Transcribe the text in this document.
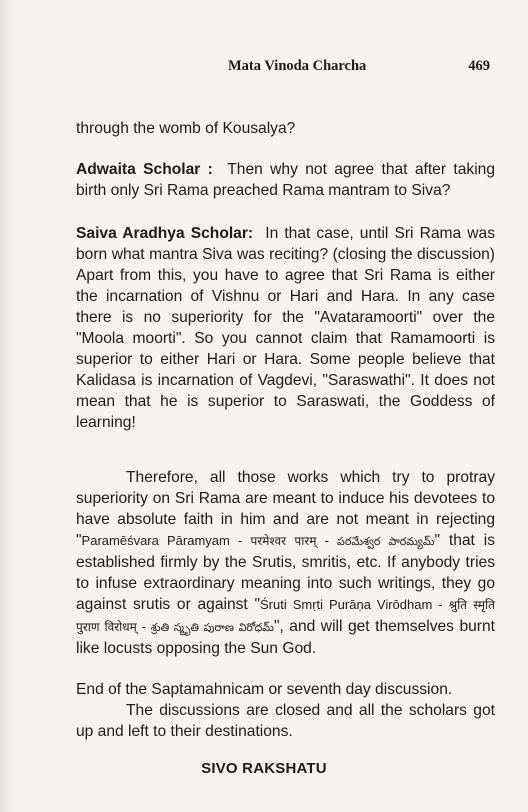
Mata Vinoda Charcha	469

through the womb of Kousalya?

Adwaita Scholar : Then why not agree that after taking birth only Sri Rama preached Rama mantram to Siva?

Saiva Aradhya Scholar: In that case, until Sri Rama was born what mantra Siva was reciting? (closing the discussion) Apart from this, you have to agree that Sri Rama is either the incarnation of Vishnu or Hari and Hara. In any case there is no superiority for the "Avataramoorti" over the "Moola moorti". So you cannot claim that Ramamoorti is superior to either Hari or Hara. Some people believe that Kalidasa is incarnation of Vagdevi, "Saraswathi". It does not mean that he is superior to Saraswati, the Goddess of learning!

Therefore, all those works which try to protray superiority on Sri Rama are meant to induce his devotees to have absolute faith in him and are not meant in rejecting "Paramēśvara Pāramyam - परमेश्वर पारम् - పరమేశ్వర పారమ్యమ్" that is established firmly by the Srutis, smritis, etc. If anybody tries to infuse extraordinary meaning into such writings, they go against srutis or against "Śruti Smṛti Purāṇa Virōdham - श्रुति स्मृति पुराण विरोधम् - శ్రుతి స్మృతి పురాణ విరోధమ్", and will get themselves burnt like locusts opposing the Sun God.

End of the Saptamahnicam or seventh day discussion.

The discussions are closed and all the scholars got up and left to their destinations.

SIVO RAKSHATU
